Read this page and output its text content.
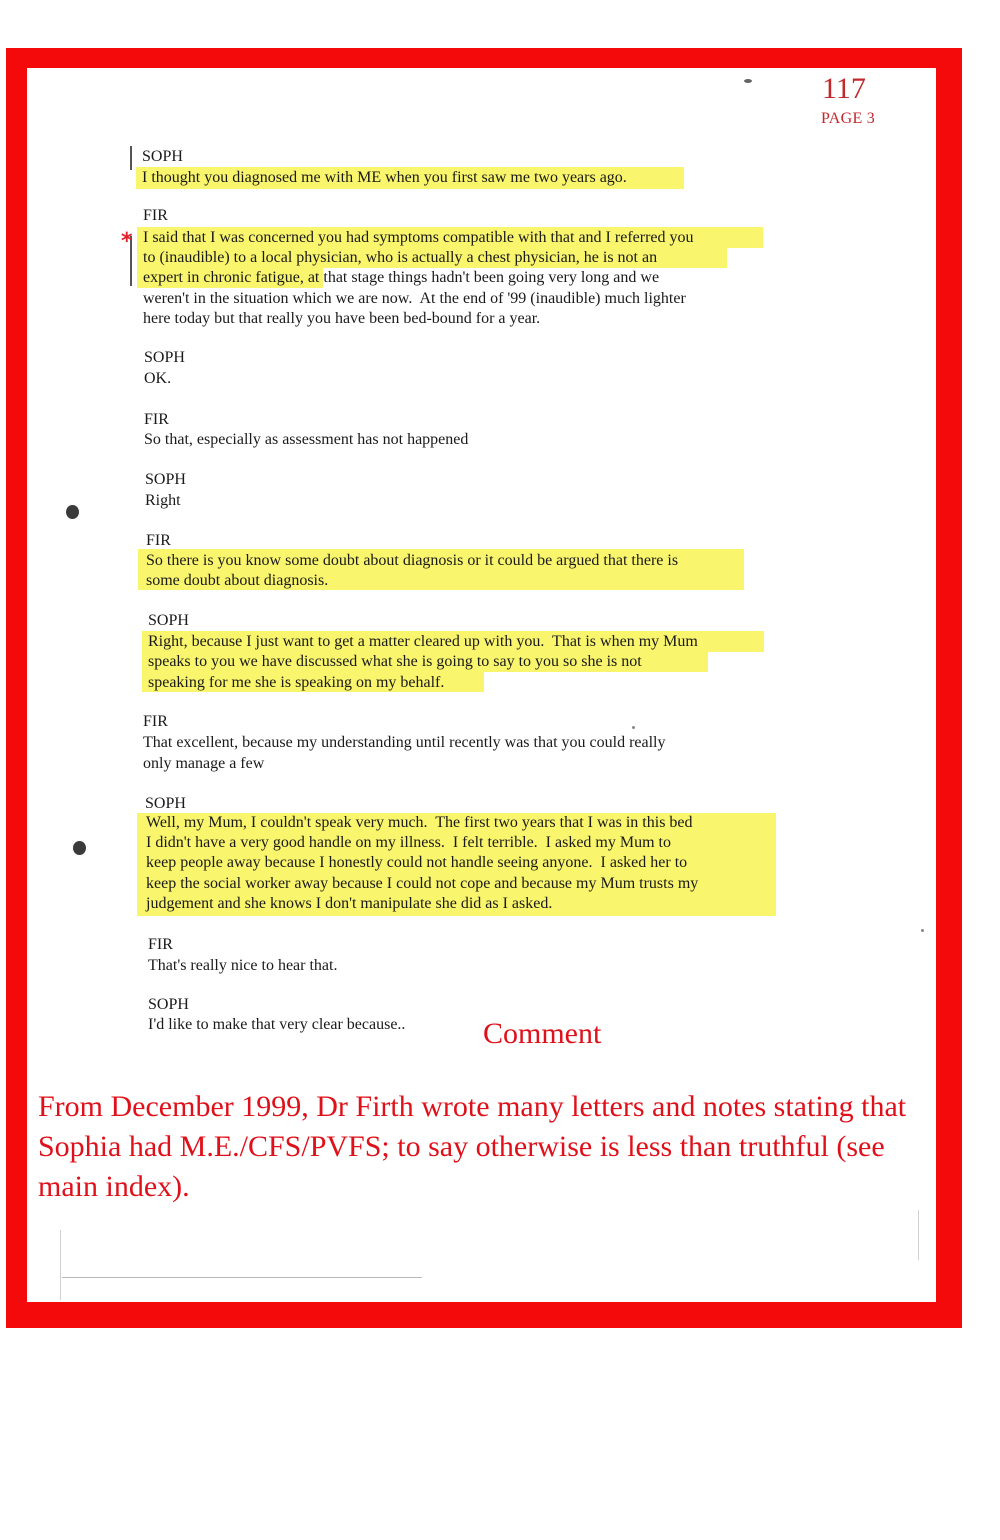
117
PAGE 3
*
SOPH
I thought you diagnosed me with ME when you first saw me two years ago.
FIR
I said that I was concerned you had symptoms compatible with that and I referred you
to (inaudible) to a local physician, who is actually a chest physician, he is not an
expert in chronic fatigue, at that stage things hadn't been going very long and we
weren't in the situation which we are now.  At the end of '99 (inaudible) much lighter
here today but that really you have been bed-bound for a year.
SOPH
OK.
FIR
So that, especially as assessment has not happened
SOPH
Right
FIR
So there is you know some doubt about diagnosis or it could be argued that there is
some doubt about diagnosis.
SOPH
Right, because I just want to get a matter cleared up with you.  That is when my Mum
speaks to you we have discussed what she is going to say to you so she is not
speaking for me she is speaking on my behalf.
FIR
That excellent, because my understanding until recently was that you could really
only manage a few
SOPH
Well, my Mum, I couldn't speak very much.  The first two years that I was in this bed
I didn't have a very good handle on my illness.  I felt terrible.  I asked my Mum to
keep people away because I honestly could not handle seeing anyone.  I asked her to
keep the social worker away because I could not cope and because my Mum trusts my
judgement and she knows I don't manipulate she did as I asked.
FIR
That's really nice to hear that.
SOPH
I'd like to make that very clear because..	Comment
From December 1999, Dr Firth wrote many letters and notes stating that Sophia had M.E./CFS/PVFS; to say otherwise is less than truthful (see main index).
